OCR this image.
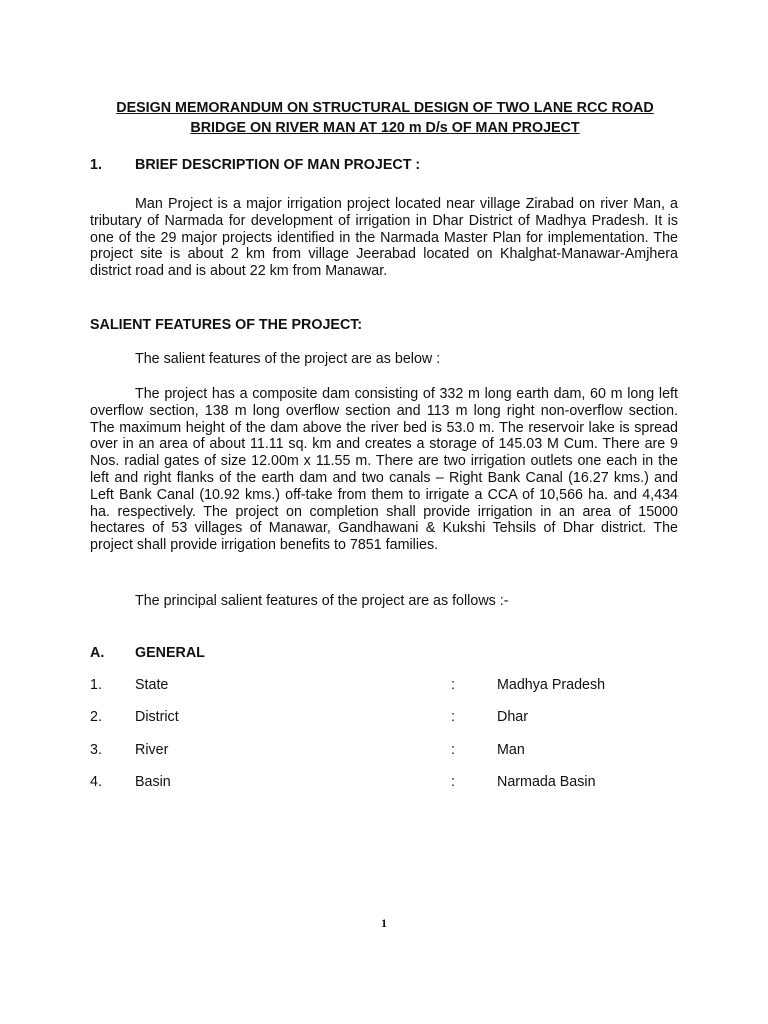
DESIGN MEMORANDUM ON STRUCTURAL DESIGN OF TWO LANE RCC ROAD
BRIDGE ON RIVER MAN AT 120 m D/s OF MAN PROJECT
1. BRIEF DESCRIPTION OF MAN PROJECT :

Man Project is a major irrigation project located near village Zirabad on river Man, a tributary of Narmada for development of irrigation in Dhar District of Madhya Pradesh. It is one of the 29 major projects identified in the Narmada Master Plan for implementation. The project site is about 2 km from village Jeerabad located on Khalghat-Manawar-Amjhera district road and is about 22 km from Manawar.

SALIENT FEATURES OF THE PROJECT:
The salient features of the project are as below :

The project has a composite dam consisting of 332 m long earth dam, 60 m long left overflow section, 138 m long overflow section and 113 m long right non-overflow section. The maximum height of the dam above the river bed is 53.0 m. The reservoir lake is spread over in an area of about 11.11 sq. km and creates a storage of 145.03 M Cum. There are 9 Nos. radial gates of size 12.00m x 11.55 m. There are two irrigation outlets one each in the left and right flanks of the earth dam and two canals – Right Bank Canal (16.27 kms.) and Left Bank Canal (10.92 kms.) off-take from them to irrigate a CCA of 10,566 ha. and 4,434 ha. respectively. The project on completion shall provide irrigation in an area of 15000 hectares of 53 villages of Manawar, Gandhawani & Kukshi Tehsils of Dhar district. The project shall provide irrigation benefits to 7851 families.

The principal salient features of the project are as follows :-
A. GENERAL
1. State	:	Madhya Pradesh
2. District	:	Dhar
3. River	:	Man
4. Basin	:	Narmada Basin
1
